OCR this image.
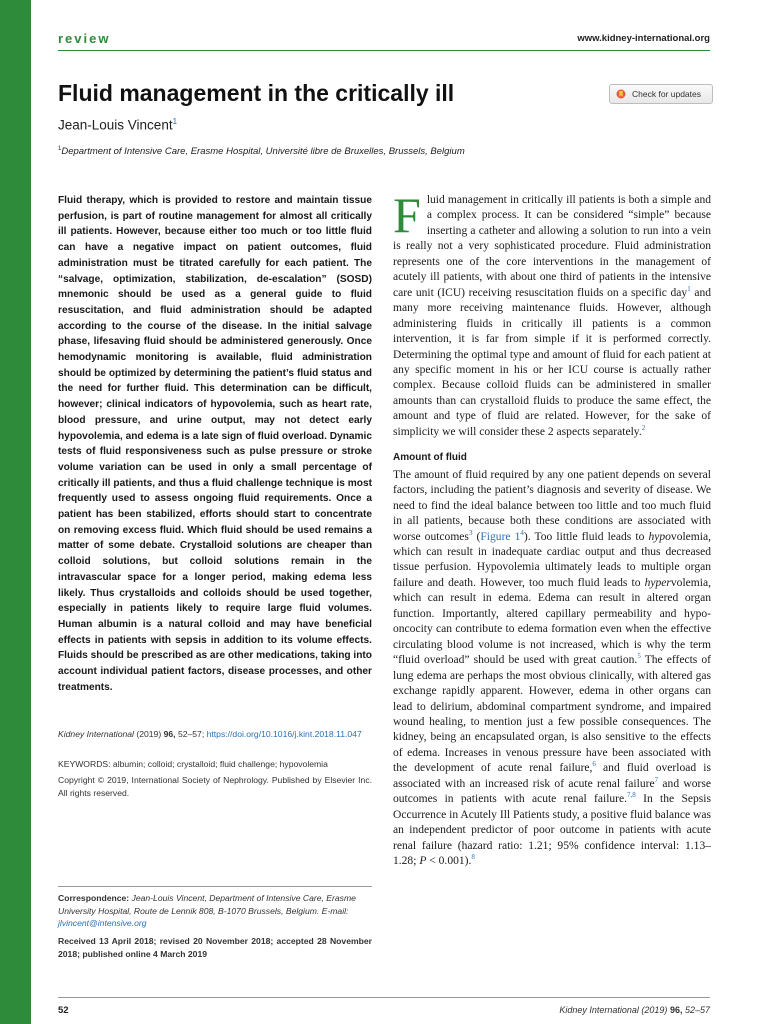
review	www.kidney-international.org
Fluid management in the critically ill	Check for updates
Jean-Louis Vincent$^1$
$^1$Department of Intensive Care, Erasme Hospital, Université libre de Bruxelles, Brussels, Belgium

Fluid therapy, which is provided to restore and maintain tissue perfusion, is part of routine management for almost all critically ill patients. However, because either too much or too little fluid can have a negative impact on patient outcomes, fluid administration must be titrated carefully for each patient. The “salvage, optimization, stabilization, de-escalation” (SOSD) mnemonic should be used as a general guide to fluid resuscitation, and fluid administration should be adapted according to the course of the disease. In the initial salvage phase, lifesaving fluid should be administered generously. Once hemodynamic monitoring is available, fluid administration should be optimized by determining the patient’s fluid status and the need for further fluid. This determination can be difficult, however; clinical indicators of hypovolemia, such as heart rate, blood pressure, and urine output, may not detect early hypovolemia, and edema is a late sign of fluid overload. Dynamic tests of fluid responsiveness such as pulse pressure or stroke volume variation can be used in only a small percentage of critically ill patients, and thus a fluid challenge technique is most frequently used to assess ongoing fluid requirements. Once a patient has been stabilized, efforts should start to concentrate on removing excess fluid. Which fluid should be used remains a matter of some debate. Crystalloid solutions are cheaper than colloid solutions, but colloid solutions remain in the intravascular space for a longer period, making edema less likely. Thus crystalloids and colloids should be used together, especially in patients likely to require large fluid volumes. Human albumin is a natural colloid and may have beneficial effects in patients with sepsis in addition to its volume effects. Fluids should be prescribed as are other medications, taking into account individual patient factors, disease processes, and other treatments.

Kidney International (2019) 96, 52–57; https://doi.org/10.1016/j.kint.2018.11.047
KEYWORDS: albumin; colloid; crystalloid; fluid challenge; hypovolemia
Copyright © 2019, International Society of Nephrology. Published by Elsevier Inc. All rights reserved.
Correspondence: Jean-Louis Vincent, Department of Intensive Care, Erasme University Hospital, Route de Lennik 808, B-1070 Brussels, Belgium. E-mail: jlvincent@intensive.org
Received 13 April 2018; revised 20 November 2018; accepted 28 November 2018; published online 4 March 2019

Fluid management in critically ill patients is both a simple and a complex process. It can be considered “simple” because inserting a catheter and allowing a solution to run into a vein is really not a very sophisticated procedure. Fluid administration represents one of the core interventions in the management of acutely ill patients, with about one third of patients in the intensive care unit (ICU) receiving resuscitation fluids on a specific day$^1$ and many more receiving maintenance fluids. However, although administering fluids in critically ill patients is a common intervention, it is far from simple if it is performed correctly. Determining the optimal type and amount of fluid for each patient at any specific moment in his or her ICU course is actually rather complex. Because colloid fluids can be administered in smaller amounts than can crystalloid fluids to produce the same effect, the amount and type of fluid are related. However, for the sake of simplicity we will consider these 2 aspects separately.$^2$

Amount of fluid

The amount of fluid required by any one patient depends on several factors, including the patient’s diagnosis and severity of disease. We need to find the ideal balance between too little and too much fluid in all patients, because both these conditions are associated with worse outcomes$^3$ (Figure 1$^4$). Too little fluid leads to hypovolemia, which can result in inadequate cardiac output and thus decreased tissue perfusion. Hypovolemia ultimately leads to multiple organ failure and death. However, too much fluid leads to hypervolemia, which can result in edema. Edema can result in altered organ function. Importantly, altered capillary permeability and hypo-oncocity can contribute to edema formation even when the effective circulating blood volume is not increased, which is why the term “fluid overload” should be used with great caution.$^5$ The effects of lung edema are perhaps the most obvious clinically, with altered gas exchange rapidly apparent. However, edema in other organs can lead to delirium, abdominal compartment syndrome, and impaired wound healing, to mention just a few possible consequences. The kidney, being an encapsulated organ, is also sensitive to the effects of edema. Increases in venous pressure have been associated with the development of acute renal failure,$^6$ and fluid overload is associated with an increased risk of acute renal failure$^7$ and worse outcomes in patients with acute renal failure.$^{7,8}$ In the Sepsis Occurrence in Acutely Ill Patients study, a positive fluid balance was an independent predictor of poor outcome in patients with acute renal failure (hazard ratio: 1.21; 95% confidence interval: 1.13–1.28; P < 0.001).$^8$

52	Kidney International (2019) 96, 52–57
